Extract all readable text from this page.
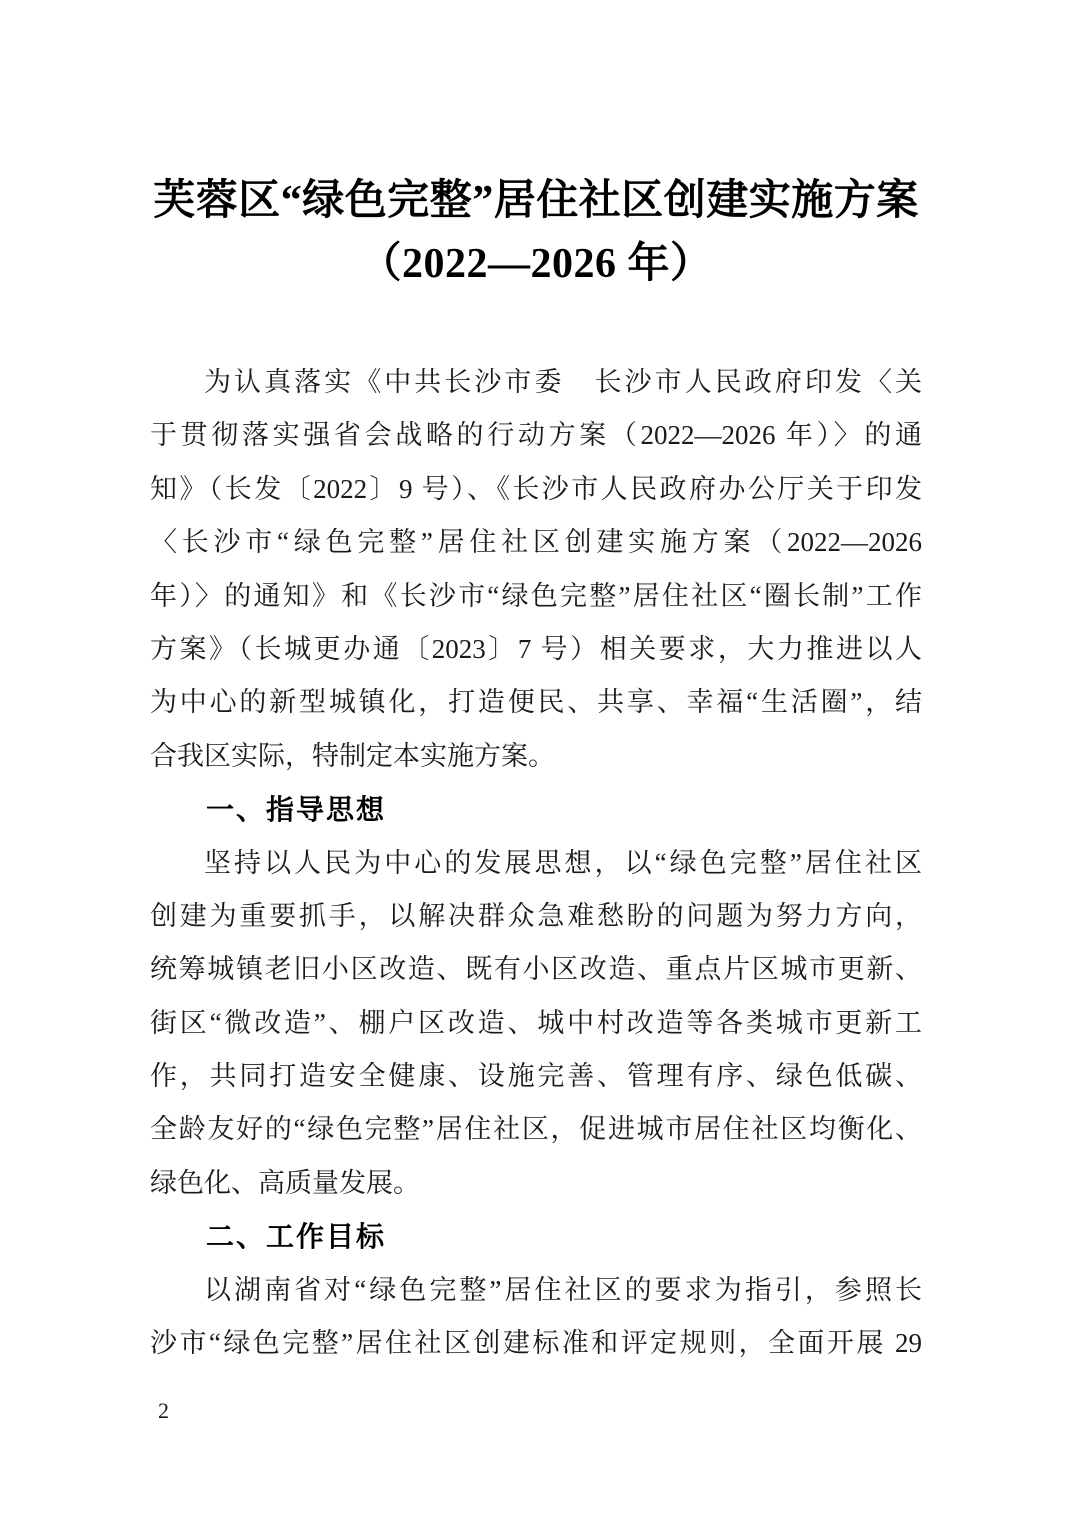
芙蓉区“绿色完整”居住社区创建实施方案
（2022—2026 年）
为认真落实《中共长沙市委　长沙市人民政府印发〈关
于贯彻落实强省会战略的行动方案（2022—2026 年）〉的通
知》（长发〔2022〕9 号）、《长沙市人民政府办公厅关于印发
〈长沙市“绿色完整”居住社区创建实施方案（2022—2026
年）〉的通知》和《长沙市“绿色完整”居住社区“圈长制”工作
方案》（长城更办通〔2023〕7 号）相关要求，大力推进以人
为中心的新型城镇化，打造便民、共享、幸福“生活圈”，结
合我区实际，特制定本实施方案。
一、指导思想
坚持以人民为中心的发展思想，以“绿色完整”居住社区
创建为重要抓手，以解决群众急难愁盼的问题为努力方向，
统筹城镇老旧小区改造、既有小区改造、重点片区城市更新、
街区“微改造”、棚户区改造、城中村改造等各类城市更新工
作，共同打造安全健康、设施完善、管理有序、绿色低碳、
全龄友好的“绿色完整”居住社区，促进城市居住社区均衡化、
绿色化、高质量发展。
二、工作目标
以湖南省对“绿色完整”居住社区的要求为指引，参照长
沙市“绿色完整”居住社区创建标准和评定规则，全面开展 29
2
